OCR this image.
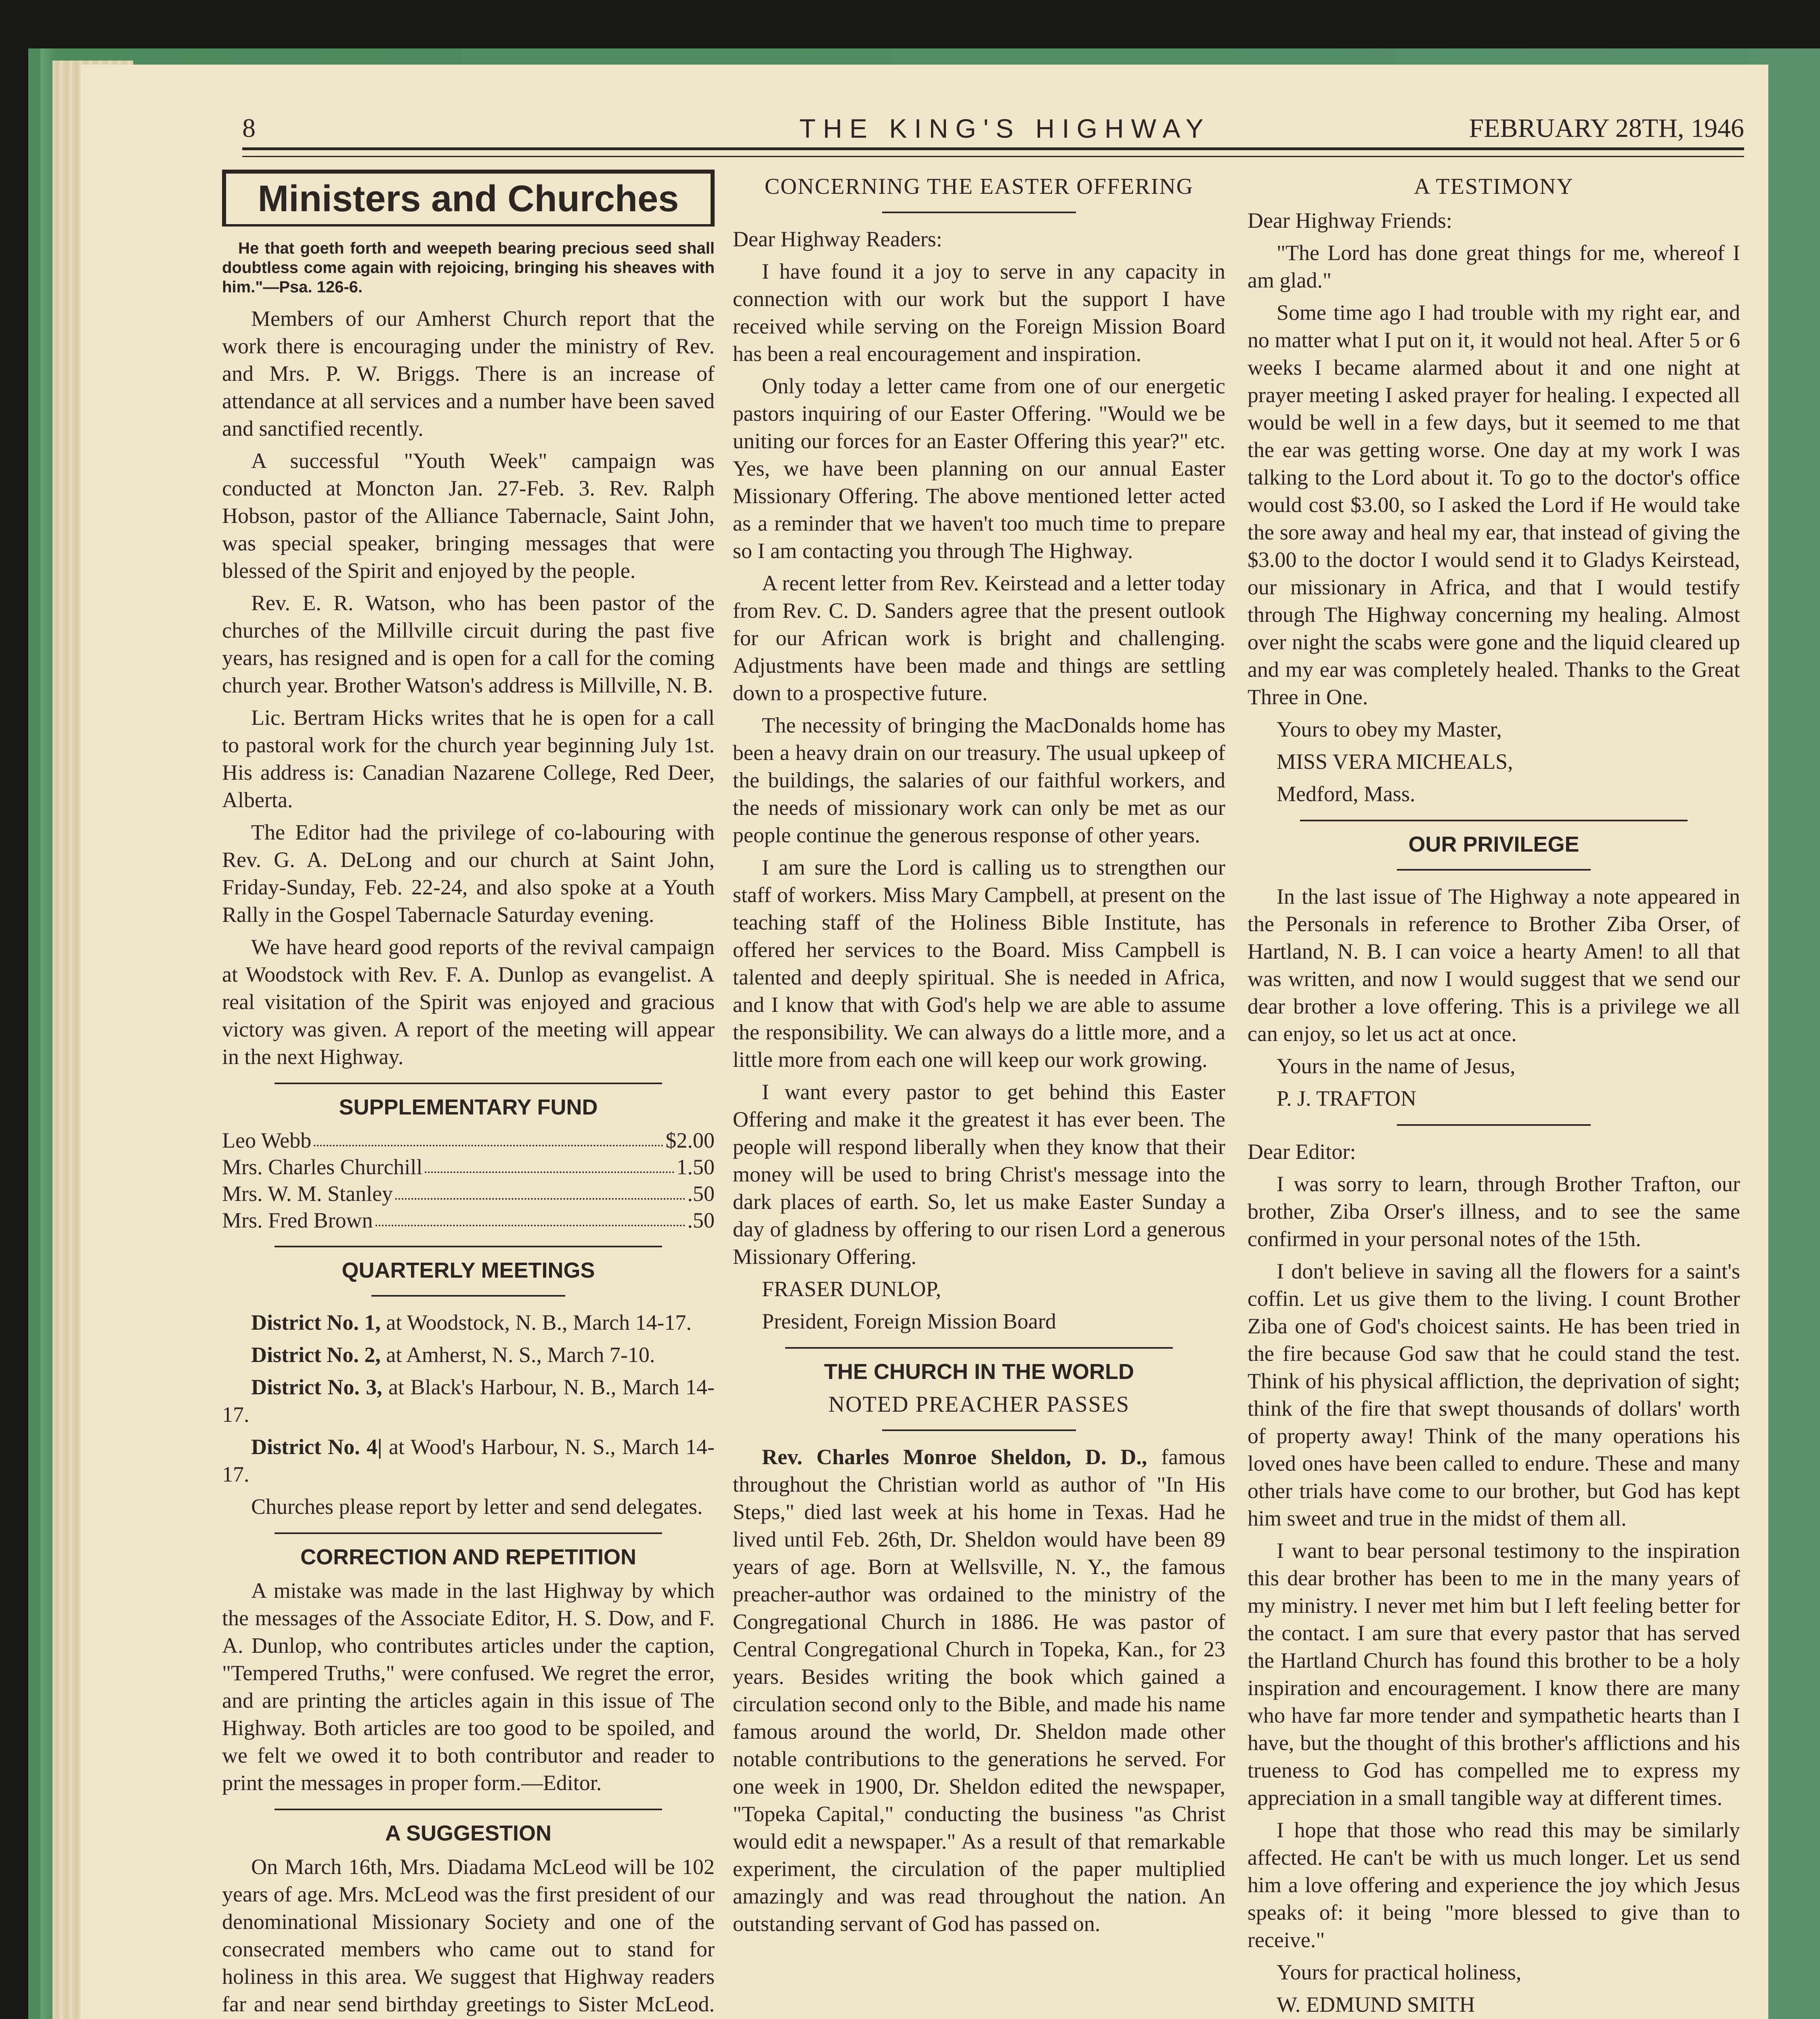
8	THE KING'S HIGHWAY	FEBRUARY 28TH, 1946
Ministers and Churches
He that goeth forth and weepeth bearing precious seed shall doubtless come again with rejoicing, bringing his sheaves with him."—Psa. 126-6.

Members of our Amherst Church report that the work there is encouraging under the ministry of Rev. and Mrs. P. W. Briggs. There is an increase of attendance at all services and a number have been saved and sanctified recently.

A successful "Youth Week" campaign was conducted at Moncton Jan. 27-Feb. 3. Rev. Ralph Hobson, pastor of the Alliance Tabernacle, Saint John, was special speaker, bringing messages that were blessed of the Spirit and enjoyed by the people.

Rev. E. R. Watson, who has been pastor of the churches of the Millville circuit during the past five years, has resigned and is open for a call for the coming church year. Brother Watson's address is Millville, N. B.

Lic. Bertram Hicks writes that he is open for a call to pastoral work for the church year beginning July 1st. His address is: Canadian Nazarene College, Red Deer, Alberta.

The Editor had the privilege of co-labouring with Rev. G. A. DeLong and our church at Saint John, Friday-Sunday, Feb. 22-24, and also spoke at a Youth Rally in the Gospel Tabernacle Saturday evening.

We have heard good reports of the revival campaign at Woodstock with Rev. F. A. Dunlop as evangelist. A real visitation of the Spirit was enjoyed and gracious victory was given. A report of the meeting will appear in the next Highway.

SUPPLEMENTARY FUND
Leo Webb	$2.00
Mrs. Charles Churchill	1.50
Mrs. W. M. Stanley	.50
Mrs. Fred Brown	.50
QUARTERLY MEETINGS

District No. 1, at Woodstock, N. B., March 14-17.

District No. 2, at Amherst, N. S., March 7-10.

District No. 3, at Black's Harbour, N. B., March 14-17.

District No. 4| at Wood's Harbour, N. S., March 14-17.

Churches please report by letter and send delegates.

CORRECTION AND REPETITION

A mistake was made in the last Highway by which the messages of the Associate Editor, H. S. Dow, and F. A. Dunlop, who contributes articles under the caption, "Tempered Truths," were confused. We regret the error, and are printing the articles again in this issue of The Highway. Both articles are too good to be spoiled, and we felt we owed it to both contributor and reader to print the messages in proper form.—Editor.

A SUGGESTION

On March 16th, Mrs. Diadama McLeod will be 102 years of age. Mrs. McLeod was the first president of our denominational Missionary Society and one of the consecrated members who came out to stand for holiness in this area. We suggest that Highway readers far and near send birthday greetings to Sister McLeod.

CONCERNING THE EASTER OFFERING

Dear Highway Readers:

I have found it a joy to serve in any capacity in connection with our work but the support I have received while serving on the Foreign Mission Board has been a real encouragement and inspiration.

Only today a letter came from one of our energetic pastors inquiring of our Easter Offering. "Would we be uniting our forces for an Easter Offering this year?" etc. Yes, we have been planning on our annual Easter Missionary Offering. The above mentioned letter acted as a reminder that we haven't too much time to prepare so I am contacting you through The Highway.

A recent letter from Rev. Keirstead and a letter today from Rev. C. D. Sanders agree that the present outlook for our African work is bright and challenging. Adjustments have been made and things are settling down to a prospective future.

The necessity of bringing the MacDonalds home has been a heavy drain on our treasury. The usual upkeep of the buildings, the salaries of our faithful workers, and the needs of missionary work can only be met as our people continue the generous response of other years.

I am sure the Lord is calling us to strengthen our staff of workers. Miss Mary Campbell, at present on the teaching staff of the Holiness Bible Institute, has offered her services to the Board. Miss Campbell is talented and deeply spiritual. She is needed in Africa, and I know that with God's help we are able to assume the responsibility. We can always do a little more, and a little more from each one will keep our work growing.

I want every pastor to get behind this Easter Offering and make it the greatest it has ever been. The people will respond liberally when they know that their money will be used to bring Christ's message into the dark places of earth. So, let us make Easter Sunday a day of gladness by offering to our risen Lord a generous Missionary Offering.

FRASER DUNLOP,

President, Foreign Mission Board

THE CHURCH IN THE WORLD
NOTED PREACHER PASSES

Rev. Charles Monroe Sheldon, D. D., famous throughout the Christian world as author of "In His Steps," died last week at his home in Texas. Had he lived until Feb. 26th, Dr. Sheldon would have been 89 years of age. Born at Wellsville, N. Y., the famous preacher-author was ordained to the ministry of the Congregational Church in 1886. He was pastor of Central Congregational Church in Topeka, Kan., for 23 years. Besides writing the book which gained a circulation second only to the Bible, and made his name famous around the world, Dr. Sheldon made other notable contributions to the generations he served. For one week in 1900, Dr. Sheldon edited the newspaper, "Topeka Capital," conducting the business "as Christ would edit a newspaper." As a result of that remarkable experiment, the circulation of the paper multiplied amazingly and was read throughout the nation. An outstanding servant of God has passed on.

A TESTIMONY

Dear Highway Friends:

"The Lord has done great things for me, whereof I am glad."

Some time ago I had trouble with my right ear, and no matter what I put on it, it would not heal. After 5 or 6 weeks I became alarmed about it and one night at prayer meeting I asked prayer for healing. I expected all would be well in a few days, but it seemed to me that the ear was getting worse. One day at my work I was talking to the Lord about it. To go to the doctor's office would cost $3.00, so I asked the Lord if He would take the sore away and heal my ear, that instead of giving the $3.00 to the doctor I would send it to Gladys Keirstead, our missionary in Africa, and that I would testify through The Highway concerning my healing. Almost over night the scabs were gone and the liquid cleared up and my ear was completely healed. Thanks to the Great Three in One.

Yours to obey my Master,

MISS VERA MICHEALS,

Medford, Mass.

OUR PRIVILEGE

In the last issue of The Highway a note appeared in the Personals in reference to Brother Ziba Orser, of Hartland, N. B. I can voice a hearty Amen! to all that was written, and now I would suggest that we send our dear brother a love offering. This is a privilege we all can enjoy, so let us act at once.

Yours in the name of Jesus,

P. J. TRAFTON

Dear Editor:

I was sorry to learn, through Brother Trafton, our brother, Ziba Orser's illness, and to see the same confirmed in your personal notes of the 15th.

I don't believe in saving all the flowers for a saint's coffin. Let us give them to the living. I count Brother Ziba one of God's choicest saints. He has been tried in the fire because God saw that he could stand the test. Think of his physical affliction, the deprivation of sight; think of the fire that swept thousands of dollars' worth of property away! Think of the many operations his loved ones have been called to endure. These and many other trials have come to our brother, but God has kept him sweet and true in the midst of them all.

I want to bear personal testimony to the inspiration this dear brother has been to me in the many years of my ministry. I never met him but I left feeling better for the contact. I am sure that every pastor that has served the Hartland Church has found this brother to be a holy inspiration and encouragement. I know there are many who have far more tender and sympathetic hearts than I have, but the thought of this brother's afflictions and his trueness to God has compelled me to express my appreciation in a small tangible way at different times.

I hope that those who read this may be similarly affected. He can't be with us much longer. Let us send him a love offering and experience the joy which Jesus speaks of: it being "more blessed to give than to receive."

Yours for practical holiness,

W. EDMUND SMITH
